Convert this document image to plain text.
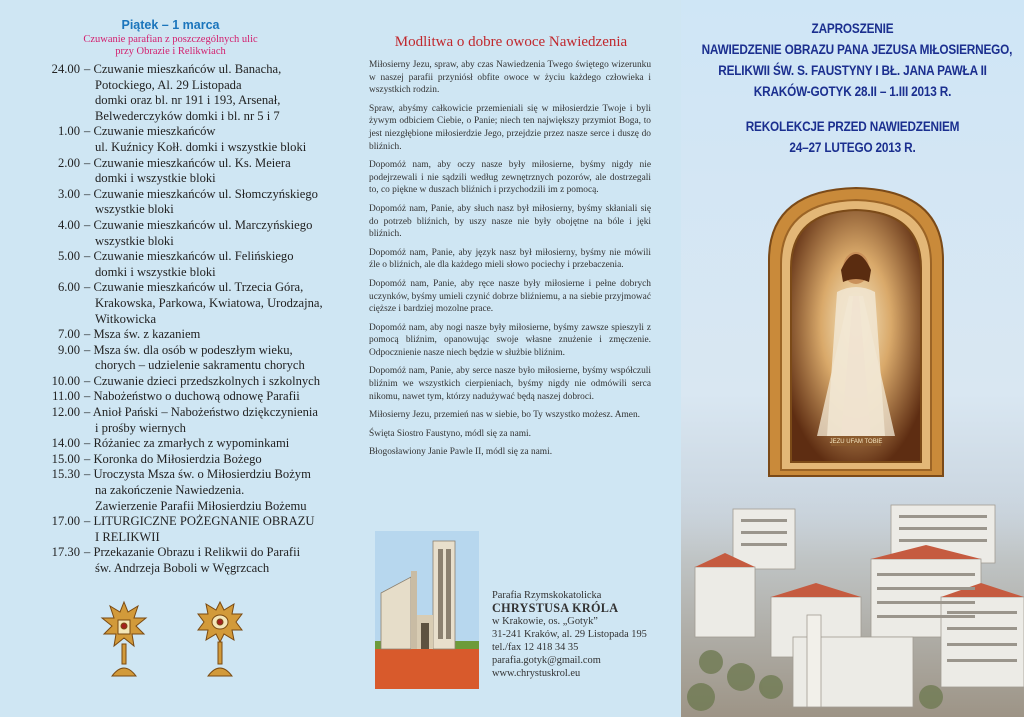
Piątek – 1 marca
Czuwanie parafian z poszczególnych ulic
przy Obrazie i Relikwiach
24.00 – Czuwanie mieszkańców ul. Banacha,
Potockiego, Al. 29 Listopada
domki oraz bl. nr 191 i 193, Arsenał,
Belwederczyków domki i bl. nr 5 i 7
1.00 – Czuwanie mieszkańców
ul. Kuźnicy Kołł. domki i wszystkie bloki
2.00 – Czuwanie mieszkańców ul. Ks. Meiera
domki i wszystkie bloki
3.00 – Czuwanie mieszkańców ul. Słomczyńskiego
wszystkie bloki
4.00 – Czuwanie mieszkańców ul. Marczyńskiego
wszystkie bloki
5.00 – Czuwanie mieszkańców ul. Felińskiego
domki i wszystkie bloki
6.00 – Czuwanie mieszkańców ul. Trzecia Góra,
Krakowska, Parkowa, Kwiatowa, Urodzajna,
Witkowicka
7.00 – Msza św. z kazaniem
9.00 – Msza św. dla osób w podeszłym wieku,
chorych – udzielenie sakramentu chorych
10.00 – Czuwanie dzieci przedszkolnych i szkolnych
11.00 – Nabożeństwo o duchową odnowę Parafii
12.00 – Anioł Pański – Nabożeństwo dziękczynienia
i prośby wiernych
14.00 – Różaniec za zmarłych z wypominkami
15.00 – Koronka do Miłosierdzia Bożego
15.30 – Uroczysta Msza św. o Miłosierdziu Bożym
na zakończenie Nawiedzenia.
Zawierzenie Parafii Miłosierdziu Bożemu
17.00 – LITURGICZNE POŻEGNANIE OBRAZU
I RELIKWII
17.30 – Przekazanie Obrazu i Relikwii do Parafii
św. Andrzeja Boboli w Węgrzcach
Modlitwa o dobre owoce Nawiedzenia

Miłosierny Jezu, spraw, aby czas Nawiedzenia Twego świętego wizerunku w naszej parafii przyniósł obfite owoce w życiu każdego człowieka i wszystkich rodzin.

Spraw, abyśmy całkowicie przemieniali się w miłosierdzie Twoje i byli żywym odbiciem Ciebie, o Panie; niech ten największy przymiot Boga, to jest niezgłębione miłosierdzie Jego, przejdzie przez nasze serce i duszę do bliźnich.

Dopomóż nam, aby oczy nasze były miłosierne, byśmy nigdy nie podejrzewali i nie sądzili według zewnętrznych pozorów, ale dostrzegali to, co piękne w duszach bliźnich i przychodzili im z pomocą.

Dopomóż nam, Panie, aby słuch nasz był miłosierny, byśmy skłaniali się do potrzeb bliźnich, by uszy nasze nie były obojętne na bóle i jęki bliźnich.

Dopomóż nam, Panie, aby język nasz był miłosierny, byśmy nie mówili źle o bliźnich, ale dla każdego mieli słowo pociechy i przebaczenia.

Dopomóż nam, Panie, aby ręce nasze były miłosierne i pełne dobrych uczynków, byśmy umieli czynić dobrze bliźniemu, a na siebie przyjmować cięższe i bardziej mozolne prace.

Dopomóż nam, aby nogi nasze były miłosierne, byśmy zawsze spieszyli z pomocą bliźnim, opanowując swoje własne znużenie i zmęczenie. Odpocznienie nasze niech będzie w służbie bliźnim.

Dopomóż nam, Panie, aby serce nasze było miłosierne, byśmy współczuli bliźnim we wszystkich cierpieniach, byśmy nigdy nie odmówili serca nikomu, nawet tym, którzy nadużywać będą naszej dobroci.

Miłosierny Jezu, przemień nas w siebie, bo Ty wszystko możesz. Amen.

Święta Siostro Faustyno, módl się za nami.

Błogosławiony Janie Pawle II, módl się za nami.

ZAPROSZENIE
NAWIEDZENIE OBRAZU PANA JEZUSA MIŁOSIERNEGO,
RELIKWII ŚW. S. FAUSTYNY I BŁ. JANA PAWŁA II
KRAKÓW-GOTYK 28.II – 1.III 2013 R.
REKOLEKCJE PRZED NAWIEDZENIEM
24–27 LUTEGO 2013 R.
Parafia Rzymskokatolicka
CHRYSTUSA KRÓLA
w Krakowie, os. „Gotyk”
31-241 Kraków, al. 29 Listopada 195
tel./fax 12 418 34 35
parafia.gotyk@gmail.com
www.chrystuskrol.eu
JEZU UFAM TOBIE
